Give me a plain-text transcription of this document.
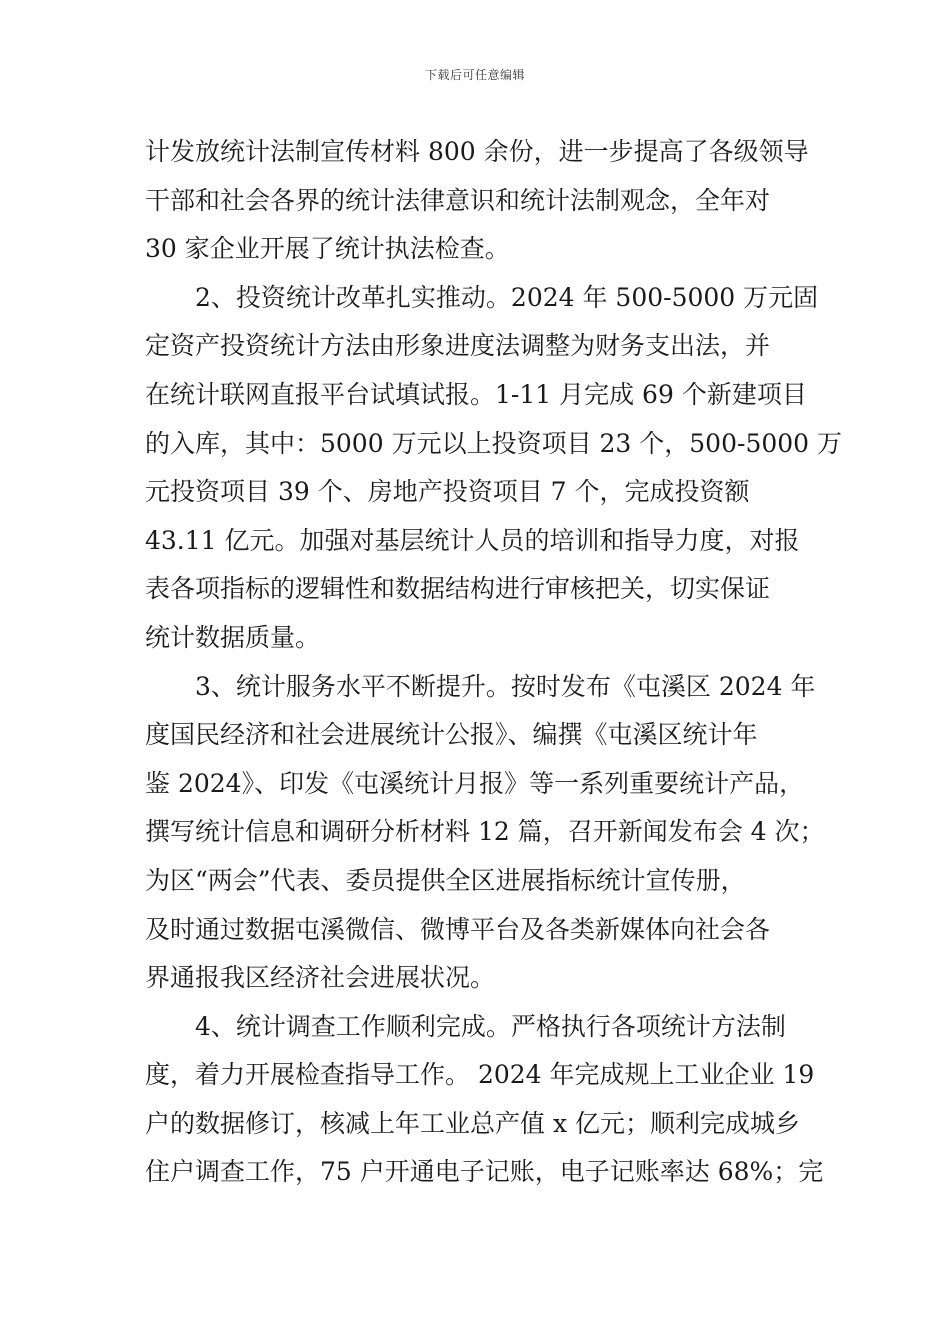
下载后可任意编辑
计发放统计法制宣传材料 800 余份，进一步提高了各级领导
干部和社会各界的统计法律意识和统计法制观念，全年对
30 家企业开展了统计执法检查。
2、投资统计改革扎实推动。2024 年 500-5000 万元固
定资产投资统计方法由形象进度法调整为财务支出法，并
在统计联网直报平台试填试报。1-11 月完成 69 个新建项目
的入库，其中：5000 万元以上投资项目 23 个，500-5000 万
元投资项目 39 个、房地产投资项目 7 个，完成投资额
43.11 亿元。加强对基层统计人员的培训和指导力度，对报
表各项指标的逻辑性和数据结构进行审核把关，切实保证
统计数据质量。
3、统计服务水平不断提升。按时发布《屯溪区 2024 年
度国民经济和社会进展统计公报》、编撰《屯溪区统计年
鉴 2024》、印发《屯溪统计月报》等一系列重要统计产品，
撰写统计信息和调研分析材料 12 篇，召开新闻发布会 4 次；
为区“两会”代表、委员提供全区进展指标统计宣传册，
及时通过数据屯溪微信、微博平台及各类新媒体向社会各
界通报我区经济社会进展状况。
4、统计调查工作顺利完成。严格执行各项统计方法制
度，着力开展检查指导工作。 2024 年完成规上工业企业 19
户的数据修订，核减上年工业总产值 x 亿元；顺利完成城乡
住户调查工作，75 户开通电子记账，电子记账率达 68%；完
